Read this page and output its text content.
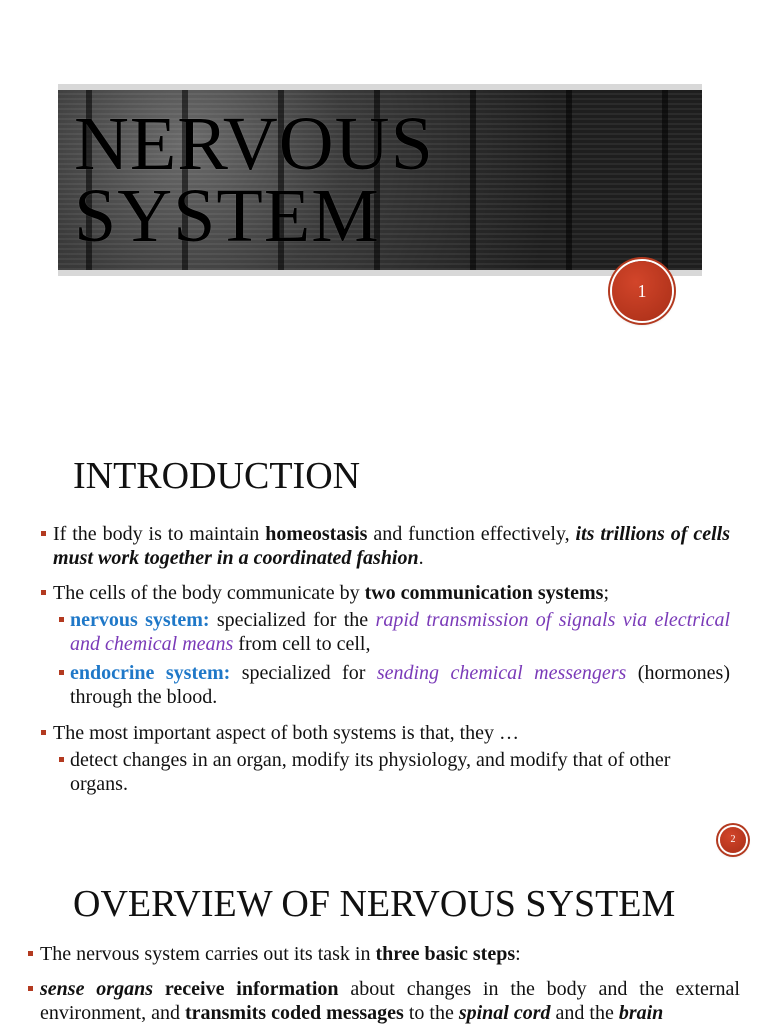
NERVOUS
SYSTEM
1
INTRODUCTION

If the body is to maintain homeostasis and function effectively, its trillions of cells must work together in a coordinated fashion.

The cells of the body communicate by two communication systems;

nervous system: specialized for the rapid transmission of signals via electrical and chemical means from cell to cell,

endocrine system: specialized for sending chemical messengers (hormones) through the blood.

The most important aspect of both systems is that, they …

detect changes in an organ, modify its physiology, and modify that of other organs.

2
OVERVIEW OF NERVOUS SYSTEM

The nervous system carries out its task in three basic steps:

sense organs receive information about changes in the body and the external environment, and transmits coded messages to the spinal cord and the brain
